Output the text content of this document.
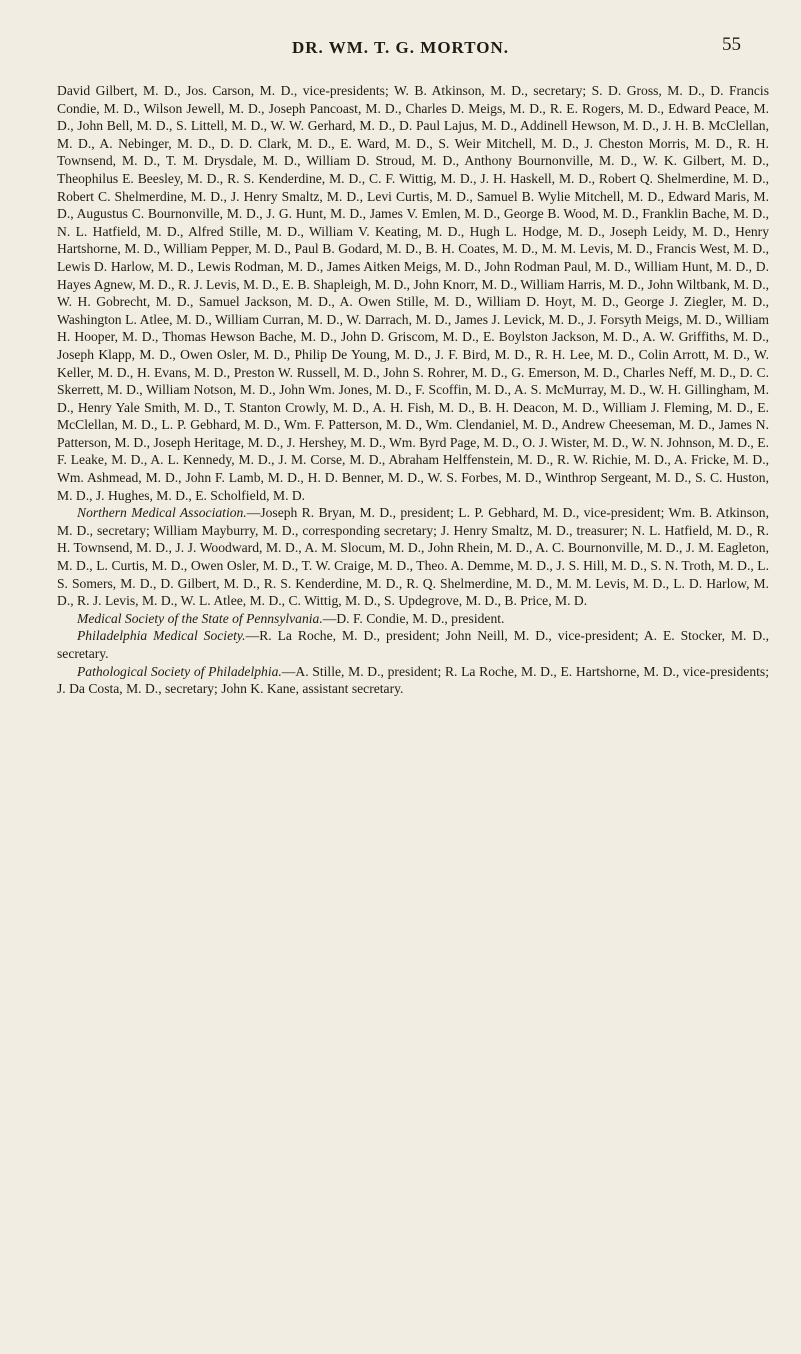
DR. WM. T. G. MORTON.	55

David Gilbert, M. D., Jos. Carson, M. D., vice-presidents; W. B. Atkinson, M. D., secretary; S. D. Gross, M. D., D. Francis Condie, M. D., Wilson Jewell, M. D., Joseph Pancoast, M. D., Charles D. Meigs, M. D., R. E. Rogers, M. D., Edward Peace, M. D., John Bell, M. D., S. Littell, M. D., W. W. Gerhard, M. D., D. Paul Lajus, M. D., Addinell Hewson, M. D., J. H. B. McClellan, M. D., A. Nebinger, M. D., D. D. Clark, M. D., E. Ward, M. D., S. Weir Mitchell, M. D., J. Cheston Morris, M. D., R. H. Townsend, M. D., T. M. Drysdale, M. D., William D. Stroud, M. D., Anthony Bournonville, M. D., W. K. Gilbert, M. D., Theophilus E. Beesley, M. D., R. S. Kenderdine, M. D., C. F. Wittig, M. D., J. H. Haskell, M. D., Robert Q. Shelmerdine, M. D., Robert C. Shelmerdine, M. D., J. Henry Smaltz, M. D., Levi Curtis, M. D., Samuel B. Wylie Mitchell, M. D., Edward Maris, M. D., Augustus C. Bournonville, M. D., J. G. Hunt, M. D., James V. Emlen, M. D., George B. Wood, M. D., Franklin Bache, M. D., N. L. Hatfield, M. D., Alfred Stille, M. D., William V. Keating, M. D., Hugh L. Hodge, M. D., Joseph Leidy, M. D., Henry Hartshorne, M. D., William Pepper, M. D., Paul B. Godard, M. D., B. H. Coates, M. D., M. M. Levis, M. D., Francis West, M. D., Lewis D. Harlow, M. D., Lewis Rodman, M. D., James Aitken Meigs, M. D., John Rodman Paul, M. D., William Hunt, M. D., D. Hayes Agnew, M. D., R. J. Levis, M. D., E. B. Shapleigh, M. D., John Knorr, M. D., William Harris, M. D., John Wiltbank, M. D., W. H. Gobrecht, M. D., Samuel Jackson, M. D., A. Owen Stille, M. D., William D. Hoyt, M. D., George J. Ziegler, M. D., Washington L. Atlee, M. D., William Curran, M. D., W. Darrach, M. D., James J. Levick, M. D., J. Forsyth Meigs, M. D., William H. Hooper, M. D., Thomas Hewson Bache, M. D., John D. Griscom, M. D., E. Boylston Jackson, M. D., A. W. Griffiths, M. D., Joseph Klapp, M. D., Owen Osler, M. D., Philip De Young, M. D., J. F. Bird, M. D., R. H. Lee, M. D., Colin Arrott, M. D., W. Keller, M. D., H. Evans, M. D., Preston W. Russell, M. D., John S. Rohrer, M. D., G. Emerson, M. D., Charles Neff, M. D., D. C. Skerrett, M. D., William Notson, M. D., John Wm. Jones, M. D., F. Scoffin, M. D., A. S. McMurray, M. D., W. H. Gillingham, M. D., Henry Yale Smith, M. D., T. Stanton Crowly, M. D., A. H. Fish, M. D., B. H. Deacon, M. D., William J. Fleming, M. D., E. McClellan, M. D., L. P. Gebhard, M. D., Wm. F. Patterson, M. D., Wm. Clendaniel, M. D., Andrew Cheeseman, M. D., James N. Patterson, M. D., Joseph Heritage, M. D., J. Hershey, M. D., Wm. Byrd Page, M. D., O. J. Wister, M. D., W. N. Johnson, M. D., E. F. Leake, M. D., A. L. Kennedy, M. D., J. M. Corse, M. D., Abraham Helffenstein, M. D., R. W. Richie, M. D., A. Fricke, M. D., Wm. Ashmead, M. D., John F. Lamb, M. D., H. D. Benner, M. D., W. S. Forbes, M. D., Winthrop Sergeant, M. D., S. C. Huston, M. D., J. Hughes, M. D., E. Scholfield, M. D.

Northern Medical Association.—Joseph R. Bryan, M. D., president; L. P. Gebhard, M. D., vice-president; Wm. B. Atkinson, M. D., secretary; William Mayburry, M. D., corresponding secretary; J. Henry Smaltz, M. D., treasurer; N. L. Hatfield, M. D., R. H. Townsend, M. D., J. J. Woodward, M. D., A. M. Slocum, M. D., John Rhein, M. D., A. C. Bournonville, M. D., J. M. Eagleton, M. D., L. Curtis, M. D., Owen Osler, M. D., T. W. Craige, M. D., Theo. A. Demme, M. D., J. S. Hill, M. D., S. N. Troth, M. D., L. S. Somers, M. D., D. Gilbert, M. D., R. S. Kenderdine, M. D., R. Q. Shelmerdine, M. D., M. M. Levis, M. D., L. D. Harlow, M. D., R. J. Levis, M. D., W. L. Atlee, M. D., C. Wittig, M. D., S. Updegrove, M. D., B. Price, M. D.

Medical Society of the State of Pennsylvania.—D. F. Condie, M. D., president.

Philadelphia Medical Society.—R. La Roche, M. D., president; John Neill, M. D., vice-president; A. E. Stocker, M. D., secretary.

Pathological Society of Philadelphia.—A. Stille, M. D., president; R. La Roche, M. D., E. Hartshorne, M. D., vice-presidents; J. Da Costa, M. D., secretary; John K. Kane, assistant secretary.
